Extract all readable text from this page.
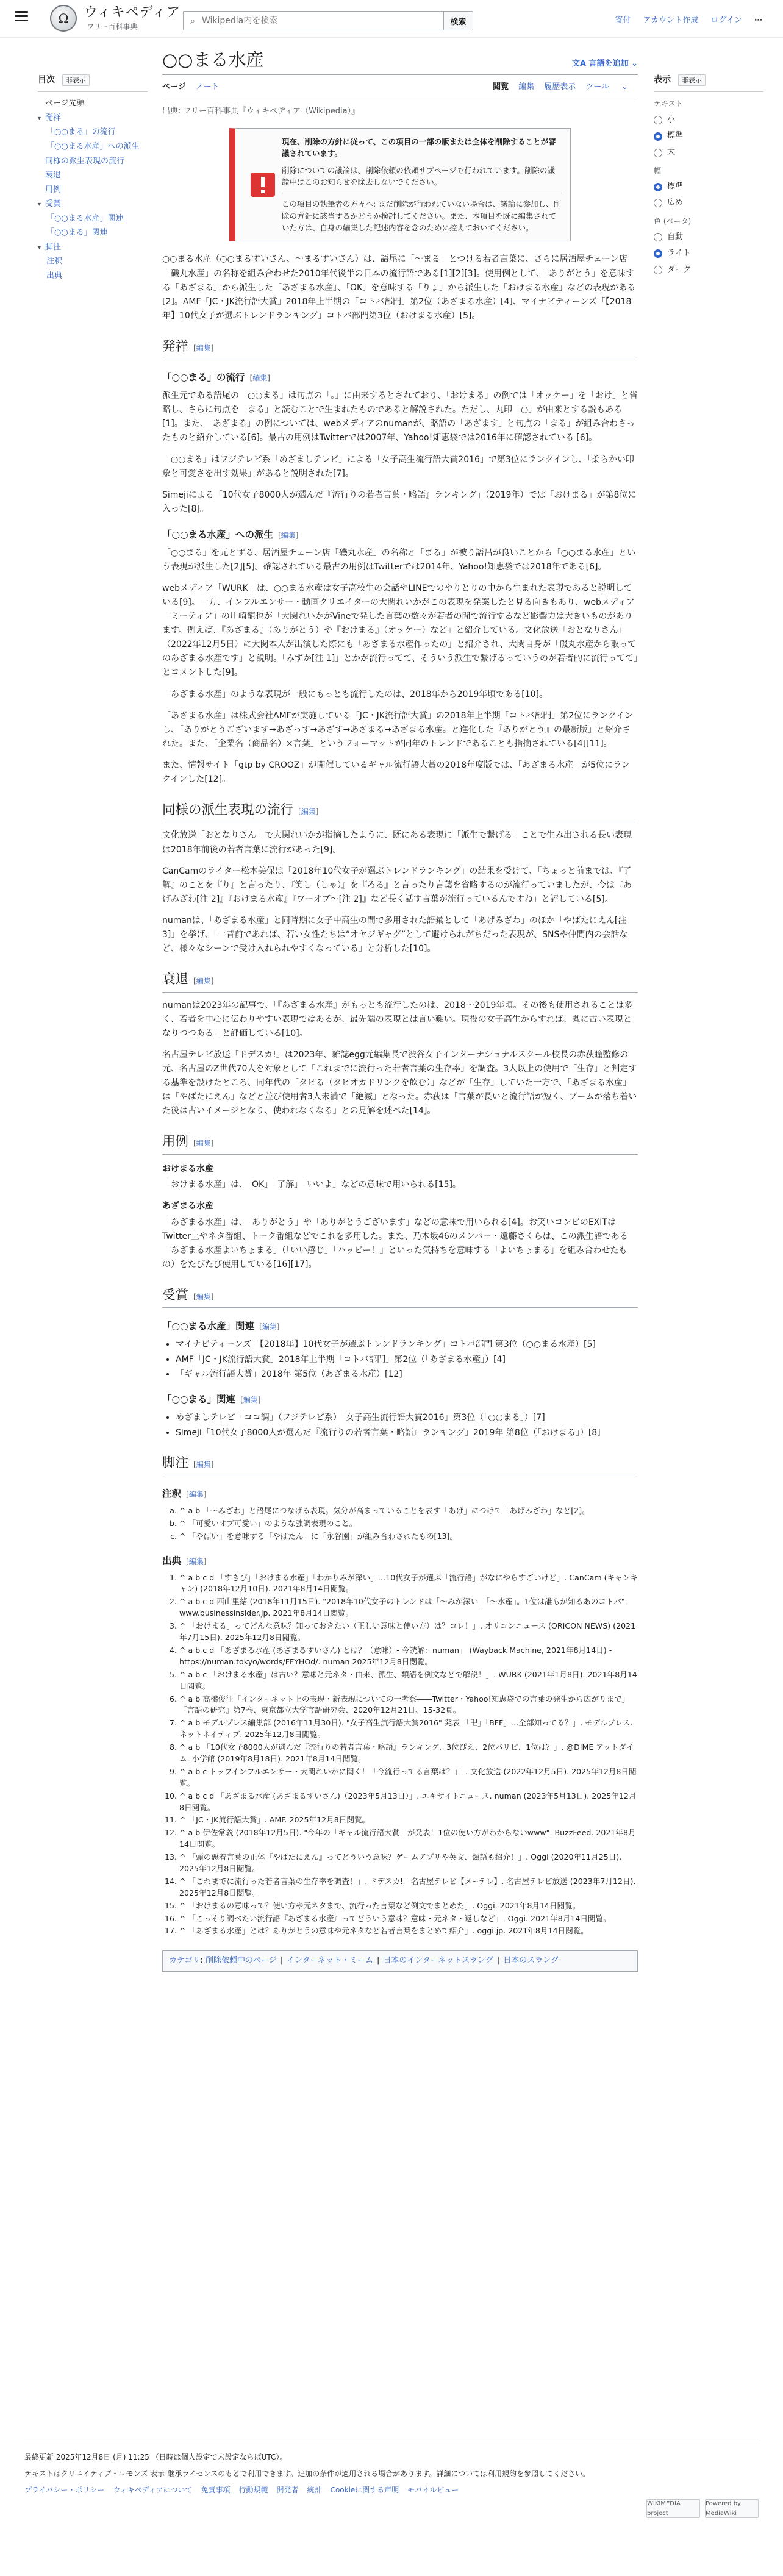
Ω	ウィキペディア
フリー百科事典
⌕
Wikipedia内を検索	検索	寄付 アカウント作成 ログイン ⋯
目次 非表示
ページ先頭
▾ 発祥
「○○まる」の流行
「○○まる水産」への派生
同様の派生表現の流行
衰退
用例
▾ 受賞
「○○まる水産」関連
「○○まる」関連
▾ 脚注
注釈
出典
○○まる水産	文A 言語を追加 ⌄
ページ ノート	閲覧 編集 履歴表示 ツール ⌄
出典: フリー百科事典『ウィキペディア（Wikipedia）』
現在、削除の方針に従って、この項目の一部の版または全体を削除することが審議されています。
削除についての議論は、削除依頼の依頼サブページで行われています。削除の議論中はこのお知らせを除去しないでください。
この項目の執筆者の方々へ: まだ削除が行われていない場合は、議論に参加し、削除の方針に該当するかどうか検討してください。また、本項目を既に編集されていた方は、自身の編集した記述内容を念のために控えておいてください。

○○まる水産（○○まるすいさん、～まるすいさん）は、語尾に「～まる」とつける若者言葉に、さらに居酒屋チェーン店「磯丸水産」の名称を組み合わせた2010年代後半の日本の流行語である[1][2][3]。使用例として、「ありがとう」を意味する「あざまる」から派生した「あざまる水産」、「OK」を意味する「りょ」から派生した「おけまる水産」などの表現がある[2]。AMF「JC・JK流行語大賞」2018年上半期の「コトバ部門」第2位（あざまる水産）[4]、マイナビティーンズ「【2018年】10代女子が選ぶトレンドランキング」コトバ部門第3位（おけまる水産）[5]。

発祥 [編集]
「○○まる」の流行 [編集]

派生元である語尾の「○○まる」は句点の「。」に由来するとされており、「おけまる」の例では「オッケー」を「おけ」と省略し、さらに句点を「まる」と読むことで生まれたものであると解説された。ただし、丸印「○」が由来とする説もある[1]。また、「あざまる」の例については、webメディアのnumanが、略語の「あざます」と句点の「まる」が組み合わさったものと紹介している[6]。最古の用例はTwitterでは2007年、Yahoo!知恵袋では2016年に確認されている [6]。

「○○まる」はフジテレビ系「めざましテレビ」による「女子高生流行語大賞2016」で第3位にランクインし、「柔らかい印象と可愛さを出す効果」があると説明された[7]。

Simejiによる「10代女子8000人が選んだ『流行りの若者言葉・略語』ランキング」（2019年）では「おけまる」が第8位に入った[8]。

「○○まる水産」への派生 [編集]

「○○まる」を元とする、居酒屋チェーン店「磯丸水産」の名称と「まる」が被り語呂が良いことから「○○まる水産」という表現が派生した[2][5]。確認されている最古の用例はTwitterでは2014年、Yahoo!知恵袋では2018年である[6]。

webメディア「WURK」は、○○まる水産は女子高校生の会話やLINEでのやりとりの中から生まれた表現であると説明している[9]。一方、インフルエンサー・動画クリエイターの大関れいかがこの表現を発案したと見る向きもあり、webメディア「ミーティア」の川崎龍也が「大関れいかがVineで発した言葉の数々が若者の間で流行するなど影響力は大きいものがあります。例えば、『あざまる』（ありがとう）や『おけまる』（オッケー）など」と紹介している。文化放送「おとなりさん」（2022年12月5日）に大関本人が出演した際にも「あざまる水産作ったの」と紹介され、大関自身が「磯丸水産から取ってのあざまる水産です」と説明。「みずか[注 1]」とかが流行ってて、そういう派生で繋げるっていうのが若者的に流行ってて」とコメントした[9]。

「あざまる水産」のような表現が一般にもっとも流行したのは、2018年から2019年頃である[10]。

「あざまる水産」は株式会社AMFが実施している「JC・JK流行語大賞」の2018年上半期「コトバ部門」第2位にランクインし、「ありがとうございます→あざっす→あざす→あざまる→あざまる水産。と進化した『ありがとう』の最新版」と紹介された。また、「企業名（商品名）×言葉」というフォーマットが同年のトレンドであることも指摘されている[4][11]。

また、情報サイト「gtp by CROOZ」が開催しているギャル流行語大賞の2018年度版では、「あざまる水産」が5位にランクインした[12]。

同様の派生表現の流行 [編集]

文化放送「おとなりさん」で大関れいかが指摘したように、既にある表現に「派生で繋げる」ことで生み出される長い表現は2018年前後の若者言葉に流行があった[9]。

CanCamのライター松本美保は「2018年10代女子が選ぶトレンドランキング」の結果を受けて、「ちょっと前までは、『了解』のことを『り』と言ったり、『笑し（しゃ）』を『ろる』と言ったり言葉を省略するのが流行っていましたが、今は『あげみざわ[注 2]』『おけまる水産』『ワーオブ〜[注 2]』など長く話す言葉が流行っているんですね」と評している[5]。

numanは、「あざまる水産」と同時期に女子中高生の間で多用された語彙として「あげみざわ」のほか「やばたにえん[注 3]」を挙げ、「一昔前であれば、若い女性たちは“オヤジギャグ”として避けられがちだった表現が、SNSや仲間内の会話など、様々なシーンで受け入れられやすくなっている」と分析した[10]。

衰退 [編集]

numanは2023年の記事で、「『あざまる水産』がもっとも流行したのは、2018〜2019年頃。その後も使用されることは多く、若者を中心に伝わりやすい表現ではあるが、最先端の表現とは言い難い。現役の女子高生からすれば、既に古い表現となりつつある」と評価している[10]。

名古屋テレビ放送「ドデスカ!」は2023年、雑誌egg元編集長で渋谷女子インターナショナルスクール校長の赤荻瞳監修の元、名古屋のZ世代70人を対象として「これまでに流行った若者言葉の生存率」を調査。3人以上の使用で「生存」と判定する基準を設けたところ、同年代の「タピる（タピオカドリンクを飲む）」などが「生存」していた一方で、「あざまる水産」は「やばたにえん」などと並び使用者3人未満で「絶滅」となった。赤荻は「言葉が長いと流行語が短く、ブームが落ち着いた後は古いイメージとなり、使われなくなる」との見解を述べた[14]。

用例 [編集]
おけまる水産

「おけまる水産」は、「OK」「了解」「いいよ」などの意味で用いられる[15]。

あざまる水産

「あざまる水産」は、「ありがとう」や「ありがとうございます」などの意味で用いられる[4]。お笑いコンビのEXITはTwitter上やネタ番組、トーク番組などでこれを多用した。また、乃木坂46のメンバー・遠藤さくらは、この派生語である「あざまる水産よいちょまる」（「いい感じ」「ハッピー！」といった気持ちを意味する「よいちょまる」を組み合わせたもの）をたびたび使用している[16][17]。

受賞 [編集]
「○○まる水産」関連 [編集]
• マイナビティーンズ「【2018年】10代女子が選ぶトレンドランキング」コトバ部門 第3位（○○まる水産）[5]
• AMF「JC・JK流行語大賞」2018年上半期「コトバ部門」第2位（「あざまる水産」）[4]
• 「ギャル流行語大賞」2018年 第5位（あざまる水産）[12]
「○○まる」関連 [編集]
• めざましテレビ「ココ調」（フジテレビ系）「女子高生流行語大賞2016」第3位（「○○まる」）[7]
• Simeji「10代女子8000人が選んだ『流行りの若者言葉・略語』ランキング」2019年 第8位（「おけまる」）[8]
脚注 [編集]
注釈 [編集]
a. ^ a b 「〜みざわ」と語尾につなげる表現。気分が高まっていることを表す「あげ」につけて「あげみざわ」など[2]。
b. ^ 「可愛いオブ可愛い」のような強調表現のこと。
c. ^ 「やばい」を意味する「やばたん」に「永谷園」が組み合わされたもの[13]。
出典 [編集]
1. ^ a b c d 「すきぴ」「おけまる水産」「わかりみが深い」…10代女子が選ぶ「流行語」がなにやらすごいけど」. CanCam (キャンキャン) (2018年12月10日). 2021年8月14日閲覧。
2. ^ a b c d 西山里緒 (2018年11月15日). "2018年10代女子のトレンドは「〜みが深い」「〜水産」。1位は誰もが知るあのコトバ". www.businessinsider.jp. 2021年8月14日閲覧。
3. ^ 「おけまる」ってどんな意味？知っておきたい（正しい意味と使い方）は？コレ！」. オリコンニュース (ORICON NEWS) (2021年7月15日). 2025年12月8日閲覧。
4. ^ a b c d 「あざまる水産 (あざまるすいさん) とは？（意味）- 今読解：numan」 (Wayback Machine, 2021年8月14日) - https://numan.tokyo/words/FFYHOd/. numan 2025年12月8日閲覧。
5. ^ a b c 「おけまる水産」は古い？意味と元ネタ・由来、派生、類語を例文などで解説！」. WURK (2021年1月8日). 2021年8月14日閲覧。
6. ^ a b 高橋俊征「インターネット上の表現・新表現についての一考察――Twitter・Yahoo!知恵袋での言葉の発生から広がりまで」『言語の研究』第7巻、東京都立大学言語研究会、2020年12月21日、15-32頁。
7. ^ a b モデルプレス編集部 (2016年11月30日). "女子高生流行語大賞2016" 発表 「卍」「BFF」…全部知ってる？」. モデルプレス. ネットネイティブ. 2025年12月8日閲覧。
8. ^ a b 「10代女子8000人が選んだ『流行りの若者言葉・略語』ランキング、3位ぴえ、2位パリピ、1位は？」. @DIME アットダイム. 小学館 (2019年8月18日). 2021年8月14日閲覧。
9. ^ a b c トップインフルエンサー・大関れいかに聞く！「今流行ってる言葉は？」」. 文化放送 (2022年12月5日). 2025年12月8日閲覧。
10. ^ a b c d 「あざまる水産 (あざまるすいさん)（2023年5月13日）」. エキサイトニュース. numan (2023年5月13日). 2025年12月8日閲覧。
11. ^ 「JC・JK流行語大賞」. AMF. 2025年12月8日閲覧。
12. ^ a b 伊佐常義 (2018年12月5日). "今年の「ギャル流行語大賞」が発表！1位の使い方がわからないwww". BuzzFeed. 2021年8月14日閲覧。
13. ^ 「頭の悪着言葉の正体『やばたにえん』ってどういう意味？ゲームアプリや英文、類語も紹介！」. Oggi (2020年11月25日). 2025年12月8日閲覧。
14. ^ 「これまでに流行った若者言葉の生存率を調査！」. ドデスカ! - 名古屋テレビ【メ~テレ】. 名古屋テレビ放送 (2023年7月12日). 2025年12月8日閲覧。
15. ^ 「おけまるの意味って？使い方や元ネタまで、流行った言葉など例文でまとめた」. Oggi. 2021年8月14日閲覧。
16. ^ 「こっそり調べたい流行語『あざまる水産』ってどういう意味？意味・元ネタ・返しなど」. Oggi. 2021年8月14日閲覧。
17. ^ 「あざまる水産」とは？ありがとうの意味や元ネタなど若者言葉をまとめて紹介」. oggi.jp. 2021年8月14日閲覧。
カテゴリ: 削除依頼中のページ | インターネット・ミーム | 日本のインターネットスラング | 日本のスラング
表示 非表示
テキスト
小
標準
大
幅
標準
広め
色 (ベータ)
自動
ライト
ダーク

最終更新 2025年12月8日 (月) 11:25 （日時は個人設定で未設定ならばUTC）。

テキストはクリエイティブ・コモンズ 表示-継承ライセンスのもとで利用できます。追加の条件が適用される場合があります。詳細については利用規約を参照してください。

プライバシー・ポリシー ウィキペディアについて 免責事項 行動規範 開発者 統計 Cookieに関する声明 モバイルビュー
WIKIMEDIA project
Powered by MediaWiki
